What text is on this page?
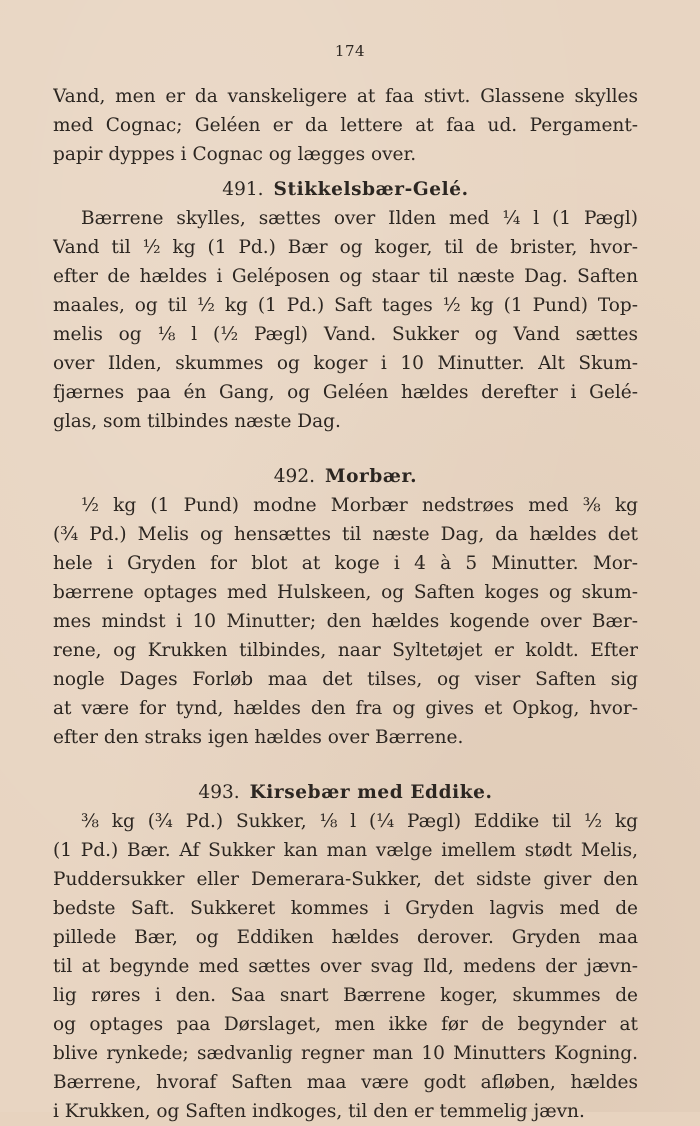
174
Vand, men er da vanskeligere at faa stivt. Glassene skylles
med Cognac; Geléen er da lettere at faa ud. Pergament-
papir dyppes i Cognac og lægges over.
491. Stikkelsbær-Gelé.
Bærrene skylles, sættes over Ilden med ¼ l (1 Pægl)
Vand til ½ kg (1 Pd.) Bær og koger, til de brister, hvor-
efter de hældes i Geléposen og staar til næste Dag. Saften
maales, og til ½ kg (1 Pd.) Saft tages ½ kg (1 Pund) Top-
melis og ⅛ l (½ Pægl) Vand. Sukker og Vand sættes
over Ilden, skummes og koger i 10 Minutter. Alt Skum-
fjærnes paa én Gang, og Geléen hældes derefter i Gelé-
glas, som tilbindes næste Dag.
492. Morbær.
½ kg (1 Pund) modne Morbær nedstrøes med ⅜ kg
(¾ Pd.) Melis og hensættes til næste Dag, da hældes det
hele i Gryden for blot at koge i 4 à 5 Minutter. Mor-
bærrene optages med Hulskeen, og Saften koges og skum-
mes mindst i 10 Minutter; den hældes kogende over Bær-
rene, og Krukken tilbindes, naar Syltetøjet er koldt. Efter
nogle Dages Forløb maa det tilses, og viser Saften sig
at være for tynd, hældes den fra og gives et Opkog, hvor-
efter den straks igen hældes over Bærrene.
493. Kirsebær med Eddike.
⅜ kg (¾ Pd.) Sukker, ⅛ l (¼ Pægl) Eddike til ½ kg
(1 Pd.) Bær. Af Sukker kan man vælge imellem stødt Melis,
Puddersukker eller Demerara-Sukker, det sidste giver den
bedste Saft. Sukkeret kommes i Gryden lagvis med de
pillede Bær, og Eddiken hældes derover. Gryden maa
til at begynde med sættes over svag Ild, medens der jævn-
lig røres i den. Saa snart Bærrene koger, skummes de
og optages paa Dørslaget, men ikke før de begynder at
blive rynkede; sædvanlig regner man 10 Minutters Kogning.
Bærrene, hvoraf Saften maa være godt afløben, hældes
i Krukken, og Saften indkoges, til den er temmelig jævn.
